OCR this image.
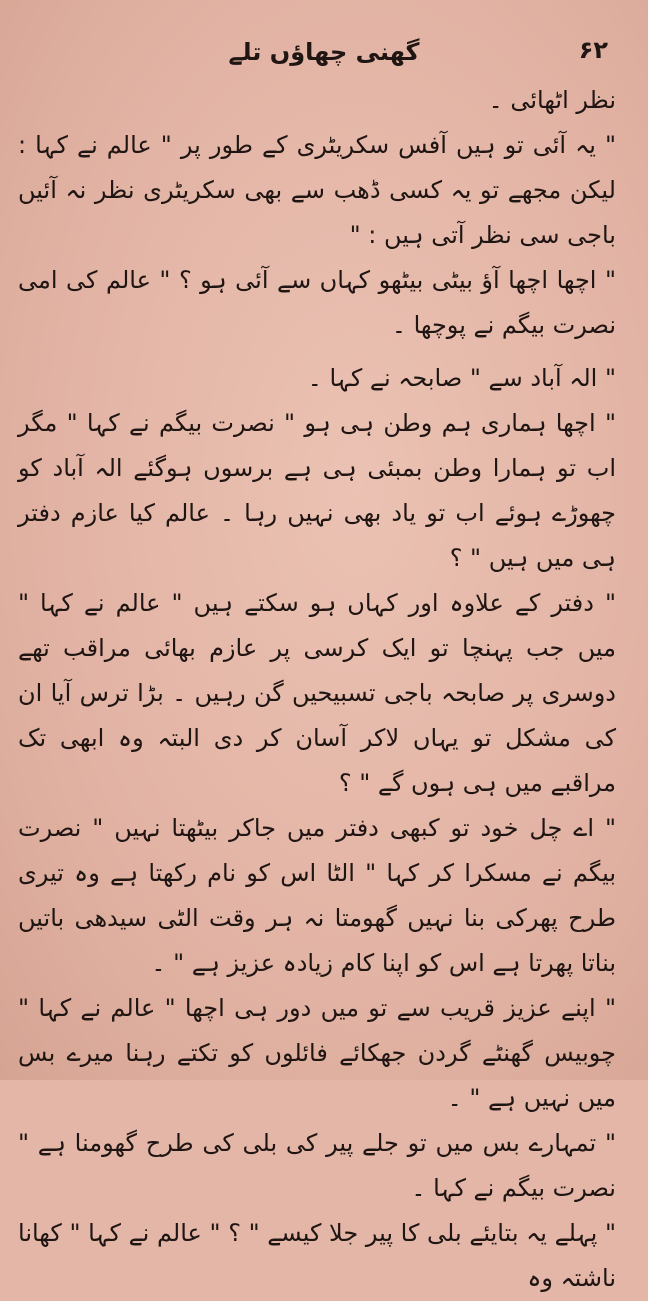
۶۲
گھنی چھاؤں تلے

نظر اٹھائی ۔

" یہ آئی تو ہیں آفس سکریٹری کے طور پر " عالم نے کہا : لیکن مجھے تو یہ کسی ڈھب سے بھی سکریٹری نظر نہ آئیں باجی سی نظر آتی ہیں : "

" اچھا اچھا آؤ بیٹی بیٹھو کہاں سے آئی ہو ؟ " عالم کی امی نصرت بیگم نے پوچھا ۔

" الہ آباد سے " صابحہ نے کہا ۔

" اچھا ہماری ہم وطن ہی ہو " نصرت بیگم نے کہا " مگر اب تو ہمارا وطن بمبئی ہی ہے برسوں ہوگئے الہ آباد کو چھوڑے ہوئے اب تو یاد بھی نہیں رہا ۔ عالم کیا عازم دفتر ہی میں ہیں " ؟

" دفتر کے علاوہ اور کہاں ہو سکتے ہیں " عالم نے کہا " میں جب پہنچا تو ایک کرسی پر عازم بھائی مراقب تھے دوسری پر صابحہ باجی تسبیحیں گن رہیں ۔ بڑا ترس آیا ان کی مشکل تو یہاں لاکر آسان کر دی البتہ وہ ابھی تک مراقبے میں ہی ہوں گے " ؟

" اے چل خود تو کبھی دفتر میں جاکر بیٹھتا نہیں " نصرت بیگم نے مسکرا کر کہا " الٹا اس کو نام رکھتا ہے وہ تیری طرح پھرکی بنا نہیں گھومتا نہ ہر وقت الٹی سیدھی باتیں بناتا پھرتا ہے اس کو اپنا کام زیادہ عزیز ہے " ۔

" اپنے عزیز قریب سے تو میں دور ہی اچھا " عالم نے کہا " چوبیس گھنٹے گردن جھکائے فائلوں کو تکتے رہنا میرے بس میں نہیں ہے " ۔

" تمہارے بس میں تو جلے پیر کی بلی کی طرح گھومنا ہے " نصرت بیگم نے کہا ۔

" پہلے یہ بتایئے بلی کا پیر جلا کیسے " ؟ " عالم نے کہا " کھانا ناشتہ وہ
